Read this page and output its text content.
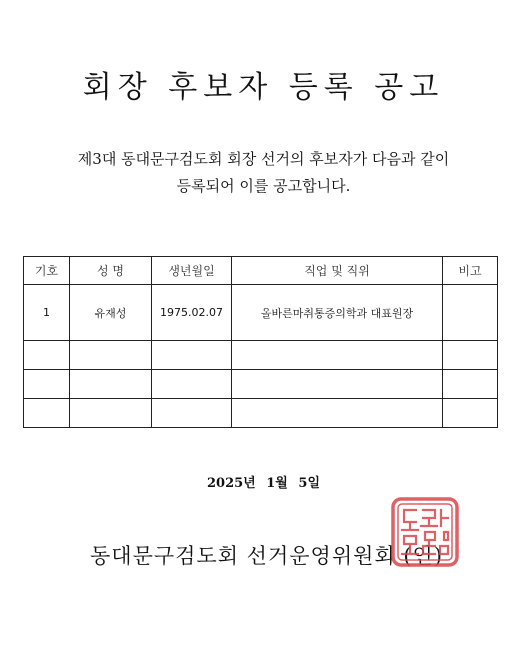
회장 후보자 등록 공고
제3대 동대문구검도회 회장 선거의 후보자가 다음과 같이
등록되어 이를 공고합니다.
기호	성 명	생년월일	직업 및 직위	비고
1	유재성	1975.02.07	올바른마취통증의학과 대표원장	

2025년 1월 5일
동대문구검도회 선거운영위원회 (인)
